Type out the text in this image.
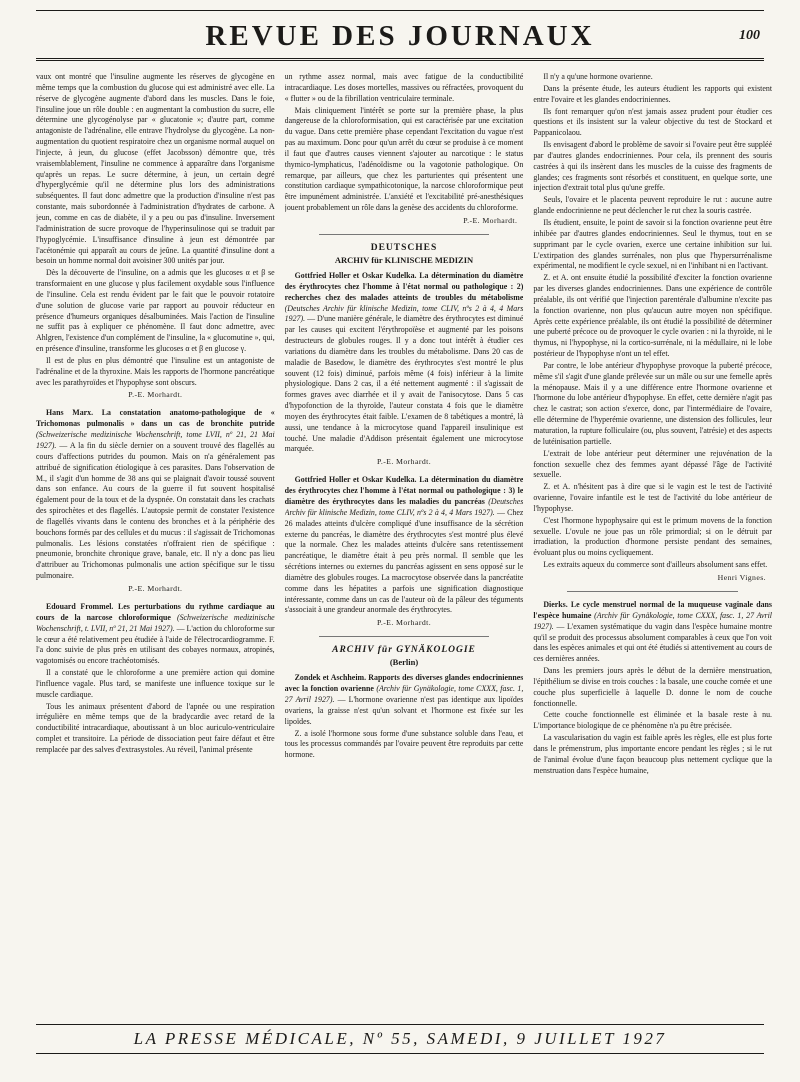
REVUE DES JOURNAUX	100

vaux ont montré que l'insuline augmente les réserves de glycogène en même temps que la combustion du glucose qui est administré avec elle. La réserve de glycogène augmente d'abord dans les muscles. Dans le foie, l'insuline joue un rôle double : en augmentant la combustion du sucre, elle détermine une glycogénolyse par « glucatonie »; d'autre part, comme antagoniste de l'adrénaline, elle entrave l'hydrolyse du glycogène. La non-augmentation du quotient respiratoire chez un organisme normal auquel on l'injecte, à jeun, du glucose (effet Jacobsson) démontre que, très vraisemblablement, l'insuline ne commence à apparaître dans l'organisme qu'après un repas. Le sucre détermine, à jeun, un certain degré d'hyperglycémie qu'il ne détermine plus lors des administrations subséquentes. Il faut donc admettre que la production d'insuline n'est pas constante, mais subordonnée à l'administration d'hydrates de carbone. A jeun, comme en cas de diabète, il y a peu ou pas d'insuline. Inversement l'administration de sucre provoque de l'hyperinsulinose qui se traduit par l'hypoglycémie. L'insuffisance d'insuline à jeun est démontrée par l'acétonémie qui apparaît au cours de jeûne. La quantité d'insuline dont a besoin un homme normal doit avoisiner 300 unités par jour.

Dès la découverte de l'insuline, on a admis que les glucoses α et β se transformaient en une glucose γ plus facilement oxydable sous l'influence de l'insuline. Cela est rendu évident par le fait que le pouvoir rotatoire d'une solution de glucose varie par rapport au pouvoir réducteur en présence d'humeurs organiques désalbuminées. Mais l'action de l'insuline ne suffit pas à expliquer ce phénomène. Il faut donc admettre, avec Ahlgren, l'existence d'un complément de l'insuline, la « glucomutine », qui, en présence d'insuline, transforme les glucoses α et β en glucose γ.

Il est de plus en plus démontré que l'insuline est un antagoniste de l'adrénaline et de la thyroxine. Mais les rapports de l'hormone pancréatique avec les parathyroïdes et l'hypophyse sont obscurs.

P.-E. Morhardt.

Hans Marx. La constatation anatomo-pathologique de « Trichomonas pulmonalis » dans un cas de bronchite putride (Schweizerische medizinische Wochenschrift, tome LVII, nº 21, 21 Mai 1927). — A la fin du siècle dernier on a souvent trouvé des flagellés au cours d'affections putrides du poumon. Mais on n'a généralement pas attribué de signification étiologique à ces parasites. Dans l'observation de M., il s'agit d'un homme de 38 ans qui se plaignait d'avoir toussé souvent dans son enfance. Au cours de la guerre il fut souvent hospitalisé également pour de la toux et de la dyspnée. On constatait dans les crachats des spirochètes et des flagellés. L'autopsie permit de constater l'existence de flagellés vivants dans le contenu des bronches et à la périphérie des bouchons formés par des cellules et du mucus : il s'agissait de Trichomonas pulmonalis. Les lésions constatées n'offraient rien de spécifique : pneumonie, bronchite chronique grave, banale, etc. Il n'y a donc pas lieu d'attribuer au Trichomonas pulmonalis une action spécifique sur le tissu pulmonaire.

P.-E. Morhardt.

Edouard Frommel. Les perturbations du rythme cardiaque au cours de la narcose chloroformique (Schweizerische medizinische Wochenschrift, t. LVII, nº 21, 21 Mai 1927). — L'action du chloroforme sur le cœur a été relativement peu étudiée à l'aide de l'électrocardiogramme. F. l'a donc suivie de plus près en utilisant des cobayes normaux, atropinés, vagotomisés ou encore trachéotomisés.

Il a constaté que le chloroforme a une première action qui domine l'influence vagale. Plus tard, se manifeste une influence toxique sur le muscle cardiaque.

Tous les animaux présentent d'abord de l'apnée ou une respiration irrégulière en même temps que de la bradycardie avec retard de la conductibilité intracardiaque, aboutissant à un bloc auriculo-ventriculaire complet et transitoire. La période de dissociation peut faire défaut et être remplacée par des salves d'extrasystoles. Au réveil, l'animal présente

un rythme assez normal, mais avec fatigue de la conductibilité intracardiaque. Les doses mortelles, massives ou réfractées, provoquent du « flutter » ou de la fibrillation ventriculaire terminale.

Mais cliniquement l'intérêt se porte sur la première phase, la plus dangereuse de la chloroformisation, qui est caractérisée par une excitation du vague. Dans cette première phase cependant l'excitation du vague n'est pas au maximum. Donc pour qu'un arrêt du cœur se produise à ce moment il faut que d'autres causes viennent s'ajouter au narcotique : le status thymico-lymphaticus, l'adénoïdisme ou la vagotonie pathologique. On remarque, par ailleurs, que chez les parturientes qui présentent une constitution cardiaque sympathicotonique, la narcose chloroformique peut être impunément administrée. L'anxiété et l'excitabilité pré-anesthésiques jouent probablement un rôle dans la genèse des accidents du chloroforme.

P.-E. Morhardt.
DEUTSCHES
ARCHIV für KLINISCHE MEDIZIN

Gottfried Holler et Oskar Kudelka. La détermination du diamètre des érythrocytes chez l'homme à l'état normal ou pathologique : 2) recherches chez des malades atteints de troubles du métabolisme (Deutsches Archiv für klinische Medizin, tome CLIV, nºs 2 à 4, 4 Mars 1927). — D'une manière générale, le diamètre des érythrocytes est diminué par les causes qui excitent l'érythropoïèse et augmenté par les poisons destructeurs de globules rouges. Il y a donc tout intérêt à étudier ces variations du diamètre dans les troubles du métabolisme. Dans 20 cas de maladie de Basedow, le diamètre des érythrocytes s'est montré le plus souvent (12 fois) diminué, parfois même (4 fois) inférieur à la limite physiologique. Dans 2 cas, il a été nettement augmenté : il s'agissait de formes graves avec diarrhée et il y avait de l'anisocytose. Dans 5 cas d'hypofonction de la thyroïde, l'auteur constata 4 fois que le diamètre moyen des érythrocytes était faible. L'examen de 8 tabétiques a montré, là aussi, une tendance à la microcytose quand l'appareil insulinique est touché. Une maladie d'Addison présentait également une microcytose marquée.

P.-E. Morhardt.

Gottfried Holler et Oskar Kudelka. La détermination du diamètre des érythrocytes chez l'homme à l'état normal ou pathologique : 3) le diamètre des érythrocytes dans les maladies du pancréas (Deutsches Archiv für klinische Medizin, tome CLIV, nºs 2 à 4, 4 Mars 1927). — Chez 26 malades atteints d'ulcère compliqué d'une insuffisance de la sécrétion externe du pancréas, le diamètre des érythrocytes s'est montré plus élevé que la normale. Chez les malades atteints d'ulcère sans retentissement pancréatique, le diamètre était à peu près normal. Il semble que les sécrétions internes ou externes du pancréas agissent en sens opposé sur le diamètre des globules rouges. La macrocytose observée dans la pancréatite comme dans les hépatites a parfois une signification diagnostique intéressante, comme dans un cas de l'auteur où de la pâleur des téguments s'associait à une grandeur anormale des érythrocytes.

P.-E. Morhardt.
ARCHIV für GYNÄKOLOGIE
(Berlin)

Zondek et Aschheim. Rapports des diverses glandes endocriniennes avec la fonction ovarienne (Archiv für Gynäkologie, tome CXXX, fasc. 1, 27 Avril 1927). — L'hormone ovarienne n'est pas identique aux lipoïdes ovariens, la graisse n'est qu'un solvant et l'hormone est fixée sur les lipoïdes.

Z. a isolé l'hormone sous forme d'une substance soluble dans l'eau, et tous les processus commandés par l'ovaire peuvent être reproduits par cette hormone.

Il n'y a qu'une hormone ovarienne.

Dans la présente étude, les auteurs étudient les rapports qui existent entre l'ovaire et les glandes endocriniennes.

Ils font remarquer qu'on n'est jamais assez prudent pour étudier ces questions et ils insistent sur la valeur objective du test de Stockard et Pappanicolaou.

Ils envisagent d'abord le problème de savoir si l'ovaire peut être suppléé par d'autres glandes endocriniennes. Pour cela, ils prennent des souris castrées à qui ils insèrent dans les muscles de la cuisse des fragments de glandes; ces fragments sont résorbés et constituent, en quelque sorte, une injection d'extrait total plus qu'une greffe.

Seuls, l'ovaire et le placenta peuvent reproduire le rut : aucune autre glande endocrinienne ne peut déclencher le rut chez la souris castrée.

Ils étudient, ensuite, le point de savoir si la fonction ovarienne peut être inhibée par d'autres glandes endocriniennes. Seul le thymus, tout en se supprimant par le cycle ovarien, exerce une certaine inhibition sur lui. L'extirpation des glandes surrénales, non plus que l'hypersurrénalisme expérimental, ne modifient le cycle sexuel, ni en l'inhibant ni en l'activant.

Z. et A. ont ensuite étudié la possibilité d'exciter la fonction ovarienne par les diverses glandes endocriniennes. Dans une expérience de contrôle préalable, ils ont vérifié que l'injection parentérale d'albumine n'excite pas la fonction ovarienne, non plus qu'aucun autre moyen non spécifique. Après cette expérience préalable, ils ont étudié la possibilité de déterminer une puberté précoce ou de provoquer le cycle ovarien : ni la thyroïde, ni le thymus, ni l'hypophyse, ni la cortico-surrénale, ni la médullaire, ni le lobe postérieur de l'hypophyse n'ont un tel effet.

Par contre, le lobe antérieur d'hypophyse provoque la puberté précoce, même s'il s'agit d'une glande prélevée sur un mâle ou sur une femelle après la ménopause. Mais il y a une différence entre l'hormone ovarienne et l'hormone du lobe antérieur d'hypophyse. En effet, cette dernière n'agit pas chez le castrat; son action s'exerce, donc, par l'intermédiaire de l'ovaire, elle détermine de l'hyperémie ovarienne, une distension des follicules, leur maturation, la rupture folliculaire (ou, plus souvent, l'atrésie) et des aspects de lutéinisation partielle.

L'extrait de lobe antérieur peut déterminer une rejuvénation de la fonction sexuelle chez des femmes ayant dépassé l'âge de l'activité sexuelle.

Z. et A. n'hésitent pas à dire que si le vagin est le test de l'activité ovarienne, l'ovaire infantile est le test de l'activité du lobe antérieur de l'hypophyse.

C'est l'hormone hypophysaire qui est le primum movens de la fonction sexuelle. L'ovule ne joue pas un rôle primordial; si on le détruit par irradiation, la production d'hormone persiste pendant des semaines, évoluant plus ou moins cycliquement.

Les extraits aqueux du commerce sont d'ailleurs absolument sans effet.

Henri Vignes.

Dierks. Le cycle menstruel normal de la muqueuse vaginale dans l'espèce humaine (Archiv für Gynäkologie, tome CXXX, fasc. 1, 27 Avril 1927). — L'examen systématique du vagin dans l'espèce humaine montre qu'il se produit des processus absolument comparables à ceux que l'on voit dans les espèces animales et qui ont été étudiés si attentivement au cours de ces dernières années.

Dans les premiers jours après le début de la dernière menstruation, l'épithélium se divise en trois couches : la basale, une couche cornée et une couche plus superficielle à laquelle D. donne le nom de couche fonctionnelle.

Cette couche fonctionnelle est éliminée et la basale reste à nu. L'importance biologique de ce phénomène n'a pu être précisée.

La vascularisation du vagin est faible après les règles, elle est plus forte dans le prémenstrum, plus importante encore pendant les règles ; si le rut de l'animal évolue d'une façon beaucoup plus nettement cyclique que la menstruation dans l'espèce humaine,

LA PRESSE MÉDICALE, Nº 55, SAMEDI, 9 JUILLET 1927
